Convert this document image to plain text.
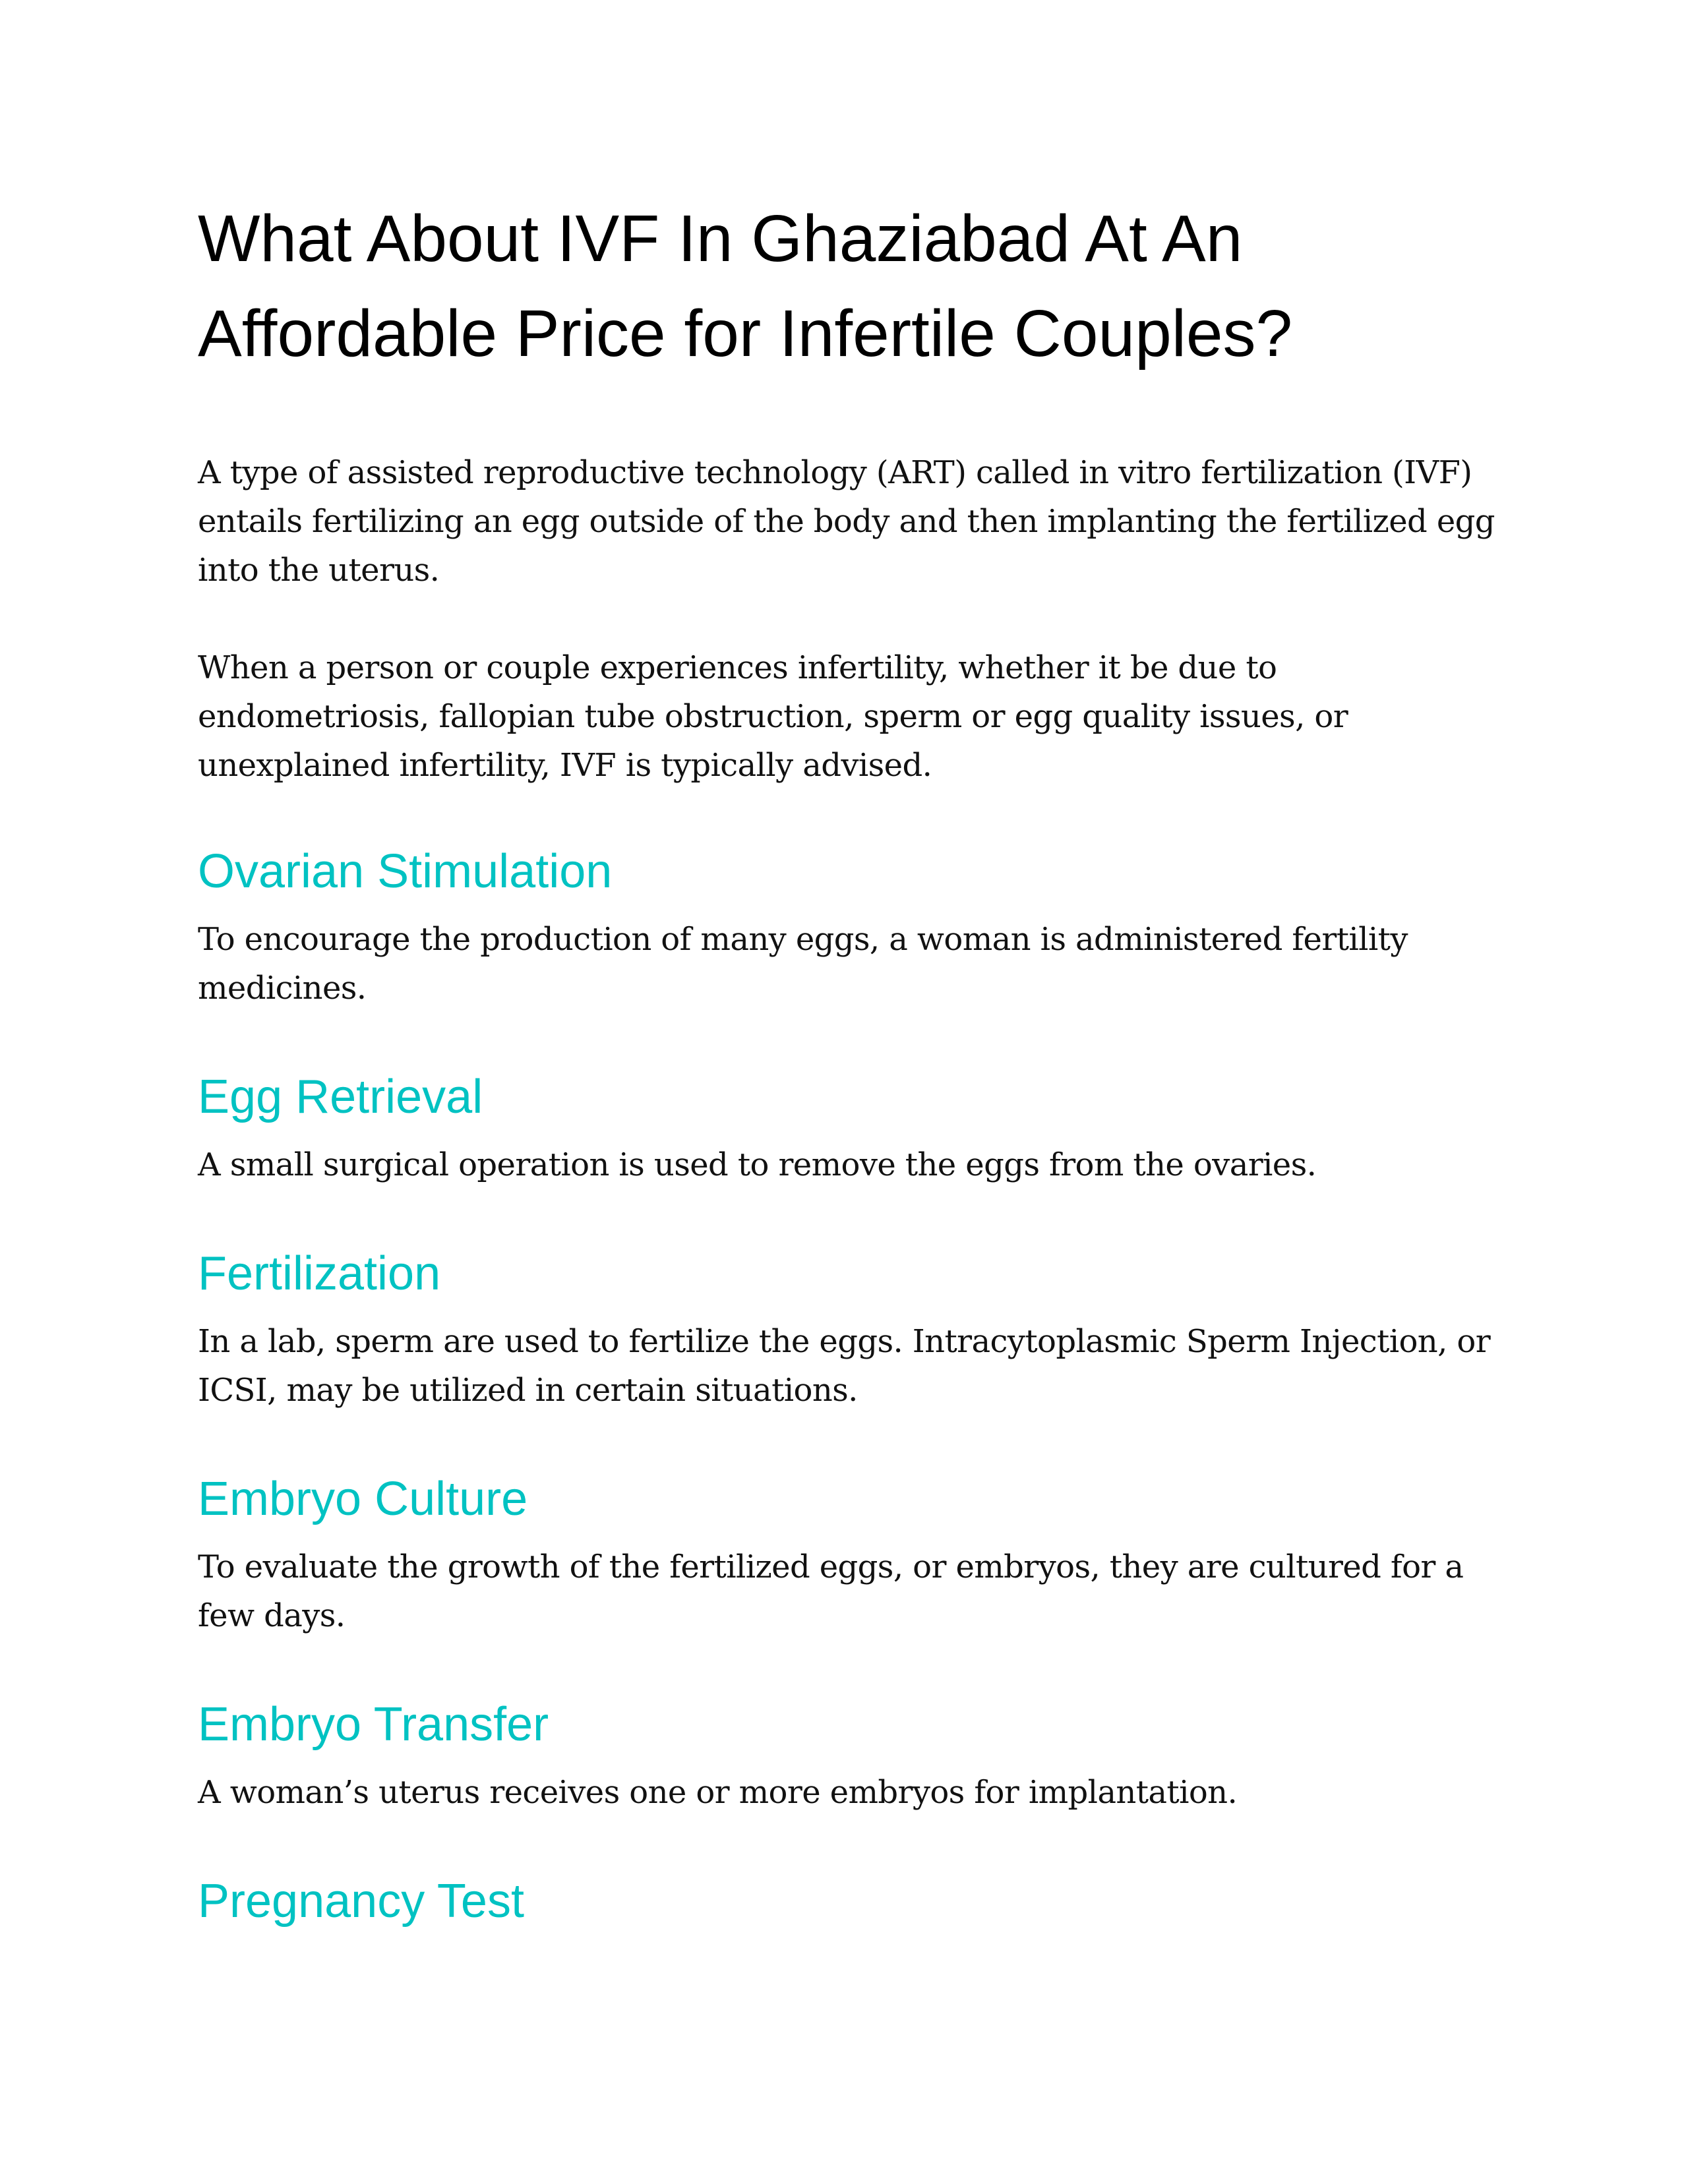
What About IVF In Ghaziabad At An Affordable Price for Infertile Couples?

A type of assisted reproductive technology (ART) called in vitro fertilization (IVF) entails fertilizing an egg outside of the body and then implanting the fertilized egg into the uterus.

When a person or couple experiences infertility, whether it be due to endometriosis, fallopian tube obstruction, sperm or egg quality issues, or unexplained infertility, IVF is typically advised.

Ovarian Stimulation

To encourage the production of many eggs, a woman is administered fertility medicines.

Egg Retrieval

A small surgical operation is used to remove the eggs from the ovaries.

Fertilization

In a lab, sperm are used to fertilize the eggs. Intracytoplasmic Sperm Injection, or ICSI, may be utilized in certain situations.

Embryo Culture

To evaluate the growth of the fertilized eggs, or embryos, they are cultured for a few days.

Embryo Transfer

A woman’s uterus receives one or more embryos for implantation.

Pregnancy Test
